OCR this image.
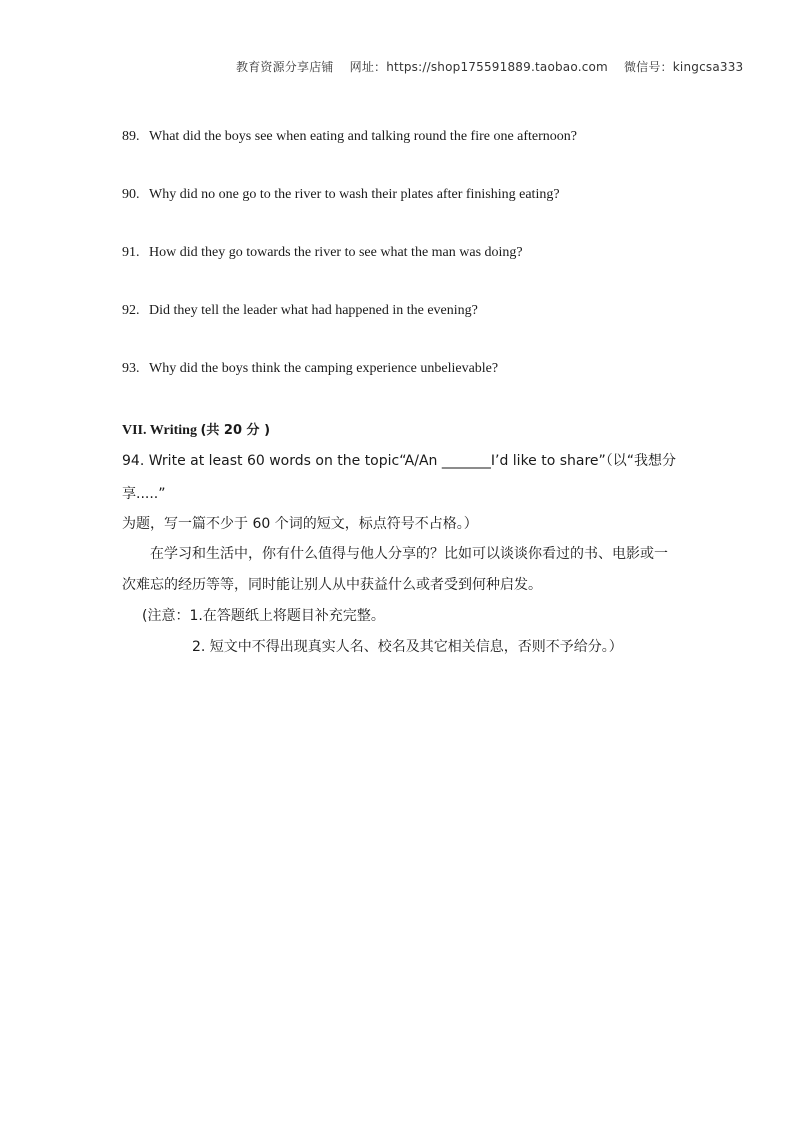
教育资源分享店铺 网址：https://shop175591889.taobao.com 微信号：kingcsa333
89. What did the boys see when eating and talking round the fire one afternoon?
90. Why did no one go to the river to wash their plates after finishing eating?
91. How did they go towards the river to see what the man was doing?
92. Did they tell the leader what had happened in the evening?
93. Why did the boys think the camping experience unbelievable?
VII. Writing (共 20 分 )
94. Write at least 60 words on the topic“A/An _______I’d like to share”（以“我想分
享.....”
为题，写一篇不少于 60 个词的短文，标点符号不占格。）
在学习和生活中，你有什么值得与他人分享的？比如可以谈谈你看过的书、电影或一
次难忘的经历等等，同时能让别人从中获益什么或者受到何种启发。
(注意：1.在答题纸上将题目补充完整。
2. 短文中不得出现真实人名、校名及其它相关信息，否则不予给分。）
